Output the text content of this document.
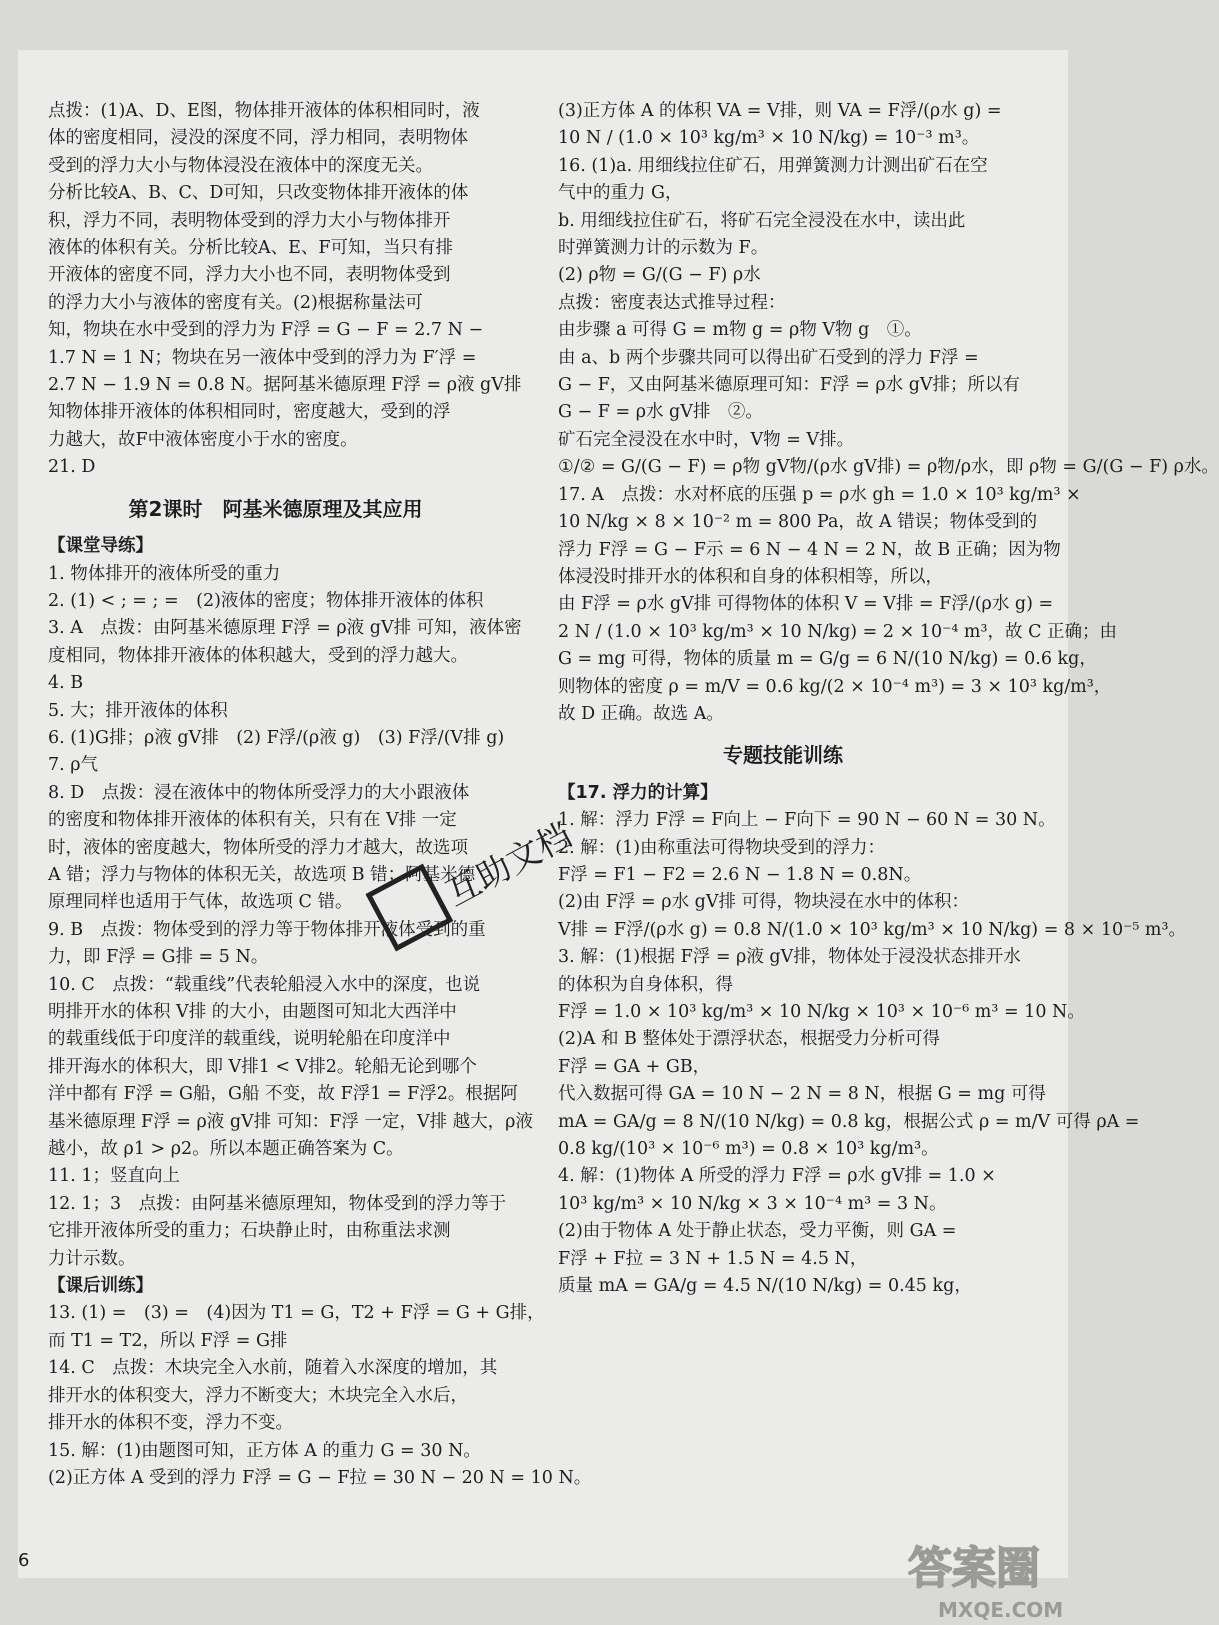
点拨：(1)A、D、E图，物体排开液体的体积相同时，液
体的密度相同，浸没的深度不同，浮力相同，表明物体
受到的浮力大小与物体浸没在液体中的深度无关。
分析比较A、B、C、D可知，只改变物体排开液体的体
积，浮力不同，表明物体受到的浮力大小与物体排开
液体的体积有关。分析比较A、E、F可知，当只有排
开液体的密度不同，浮力大小也不同，表明物体受到
的浮力大小与液体的密度有关。(2)根据称量法可
知，物块在水中受到的浮力为 F浮 = G − F = 2.7 N −
1.7 N = 1 N；物块在另一液体中受到的浮力为 F′浮 =
2.7 N − 1.9 N = 0.8 N。据阿基米德原理 F浮 = ρ液 gV排
知物体排开液体的体积相同时，密度越大，受到的浮
力越大，故F中液体密度小于水的密度。
21. D
第2课时　阿基米德原理及其应用
【课堂导练】
1. 物体排开的液体所受的重力
2. (1) < ; = ; =　(2)液体的密度；物体排开液体的体积
3. A　点拨：由阿基米德原理 F浮 = ρ液 gV排 可知，液体密
度相同，物体排开液体的体积越大，受到的浮力越大。
4. B
5. 大；排开液体的体积
6. (1)G排；ρ液 gV排　(2) F浮/(ρ液 g)　(3) F浮/(V排 g)
7. ρ气
8. D　点拨：浸在液体中的物体所受浮力的大小跟液体
的密度和物体排开液体的体积有关，只有在 V排 一定
时，液体的密度越大，物体所受的浮力才越大，故选项
A 错；浮力与物体的体积无关，故选项 B 错；阿基米德
原理同样也适用于气体，故选项 C 错。
9. B　点拨：物体受到的浮力等于物体排开液体受到的重
力，即 F浮 = G排 = 5 N。
10. C　点拨：“载重线”代表轮船浸入水中的深度，也说
明排开水的体积 V排 的大小，由题图可知北大西洋中
的载重线低于印度洋的载重线，说明轮船在印度洋中
排开海水的体积大，即 V排1 < V排2。轮船无论到哪个
洋中都有 F浮 = G船，G船 不变，故 F浮1 = F浮2。根据阿
基米德原理 F浮 = ρ液 gV排 可知：F浮 一定，V排 越大，ρ液
越小，故 ρ1 > ρ2。所以本题正确答案为 C。
11. 1；竖直向上
12. 1；3　点拨：由阿基米德原理知，物体受到的浮力等于
它排开液体所受的重力；石块静止时，由称重法求测
力计示数。
【课后训练】
13. (1) =　(3) =　(4)因为 T1 = G，T2 + F浮 = G + G排，
而 T1 = T2，所以 F浮 = G排
14. C　点拨：木块完全入水前，随着入水深度的增加，其
排开水的体积变大，浮力不断变大；木块完全入水后，
排开水的体积不变，浮力不变。
15. 解：(1)由题图可知，正方体 A 的重力 G = 30 N。
(2)正方体 A 受到的浮力 F浮 = G − F拉 = 30 N − 20 N = 10 N。
(3)正方体 A 的体积 VA = V排，则 VA = F浮/(ρ水 g) =
10 N / (1.0 × 10³ kg/m³ × 10 N/kg) = 10⁻³ m³。
16. (1)a. 用细线拉住矿石，用弹簧测力计测出矿石在空
气中的重力 G，
b. 用细线拉住矿石，将矿石完全浸没在水中，读出此
时弹簧测力计的示数为 F。
(2) ρ物 = G/(G − F) ρ水
点拨：密度表达式推导过程：
由步骤 a 可得 G = m物 g = ρ物 V物 g　①。
由 a、b 两个步骤共同可以得出矿石受到的浮力 F浮 =
G − F，又由阿基米德原理可知：F浮 = ρ水 gV排；所以有
G − F = ρ水 gV排　②。
矿石完全浸没在水中时，V物 = V排。
①/② = G/(G − F) = ρ物 gV物/(ρ水 gV排) = ρ物/ρ水，即 ρ物 = G/(G − F) ρ水。
17. A　点拨：水对杯底的压强 p = ρ水 gh = 1.0 × 10³ kg/m³ ×
10 N/kg × 8 × 10⁻² m = 800 Pa，故 A 错误；物体受到的
浮力 F浮 = G − F示 = 6 N − 4 N = 2 N，故 B 正确；因为物
体浸没时排开水的体积和自身的体积相等，所以，
由 F浮 = ρ水 gV排 可得物体的体积 V = V排 = F浮/(ρ水 g) =
2 N / (1.0 × 10³ kg/m³ × 10 N/kg) = 2 × 10⁻⁴ m³，故 C 正确；由
G = mg 可得，物体的质量 m = G/g = 6 N/(10 N/kg) = 0.6 kg，
则物体的密度 ρ = m/V = 0.6 kg/(2 × 10⁻⁴ m³) = 3 × 10³ kg/m³，
故 D 正确。故选 A。
专题技能训练
【17. 浮力的计算】
1. 解：浮力 F浮 = F向上 − F向下 = 90 N − 60 N = 30 N。
2. 解：(1)由称重法可得物块受到的浮力：
F浮 = F1 − F2 = 2.6 N − 1.8 N = 0.8N。
(2)由 F浮 = ρ水 gV排 可得，物块浸在水中的体积：
V排 = F浮/(ρ水 g) = 0.8 N/(1.0 × 10³ kg/m³ × 10 N/kg) = 8 × 10⁻⁵ m³。
3. 解：(1)根据 F浮 = ρ液 gV排，物体处于浸没状态排开水
的体积为自身体积，得
F浮 = 1.0 × 10³ kg/m³ × 10 N/kg × 10³ × 10⁻⁶ m³ = 10 N。
(2)A 和 B 整体处于漂浮状态，根据受力分析可得
F浮 = GA + GB，
代入数据可得 GA = 10 N − 2 N = 8 N，根据 G = mg 可得
mA = GA/g = 8 N/(10 N/kg) = 0.8 kg，根据公式 ρ = m/V 可得 ρA =
0.8 kg/(10³ × 10⁻⁶ m³) = 0.8 × 10³ kg/m³。
4. 解：(1)物体 A 所受的浮力 F浮 = ρ水 gV排 = 1.0 ×
10³ kg/m³ × 10 N/kg × 3 × 10⁻⁴ m³ = 3 N。
(2)由于物体 A 处于静止状态，受力平衡，则 GA =
F浮 + F拉 = 3 N + 1.5 N = 4.5 N，
质量 mA = GA/g = 4.5 N/(10 N/kg) = 0.45 kg，
6
互助文档
答案圈
MXQE.COM
